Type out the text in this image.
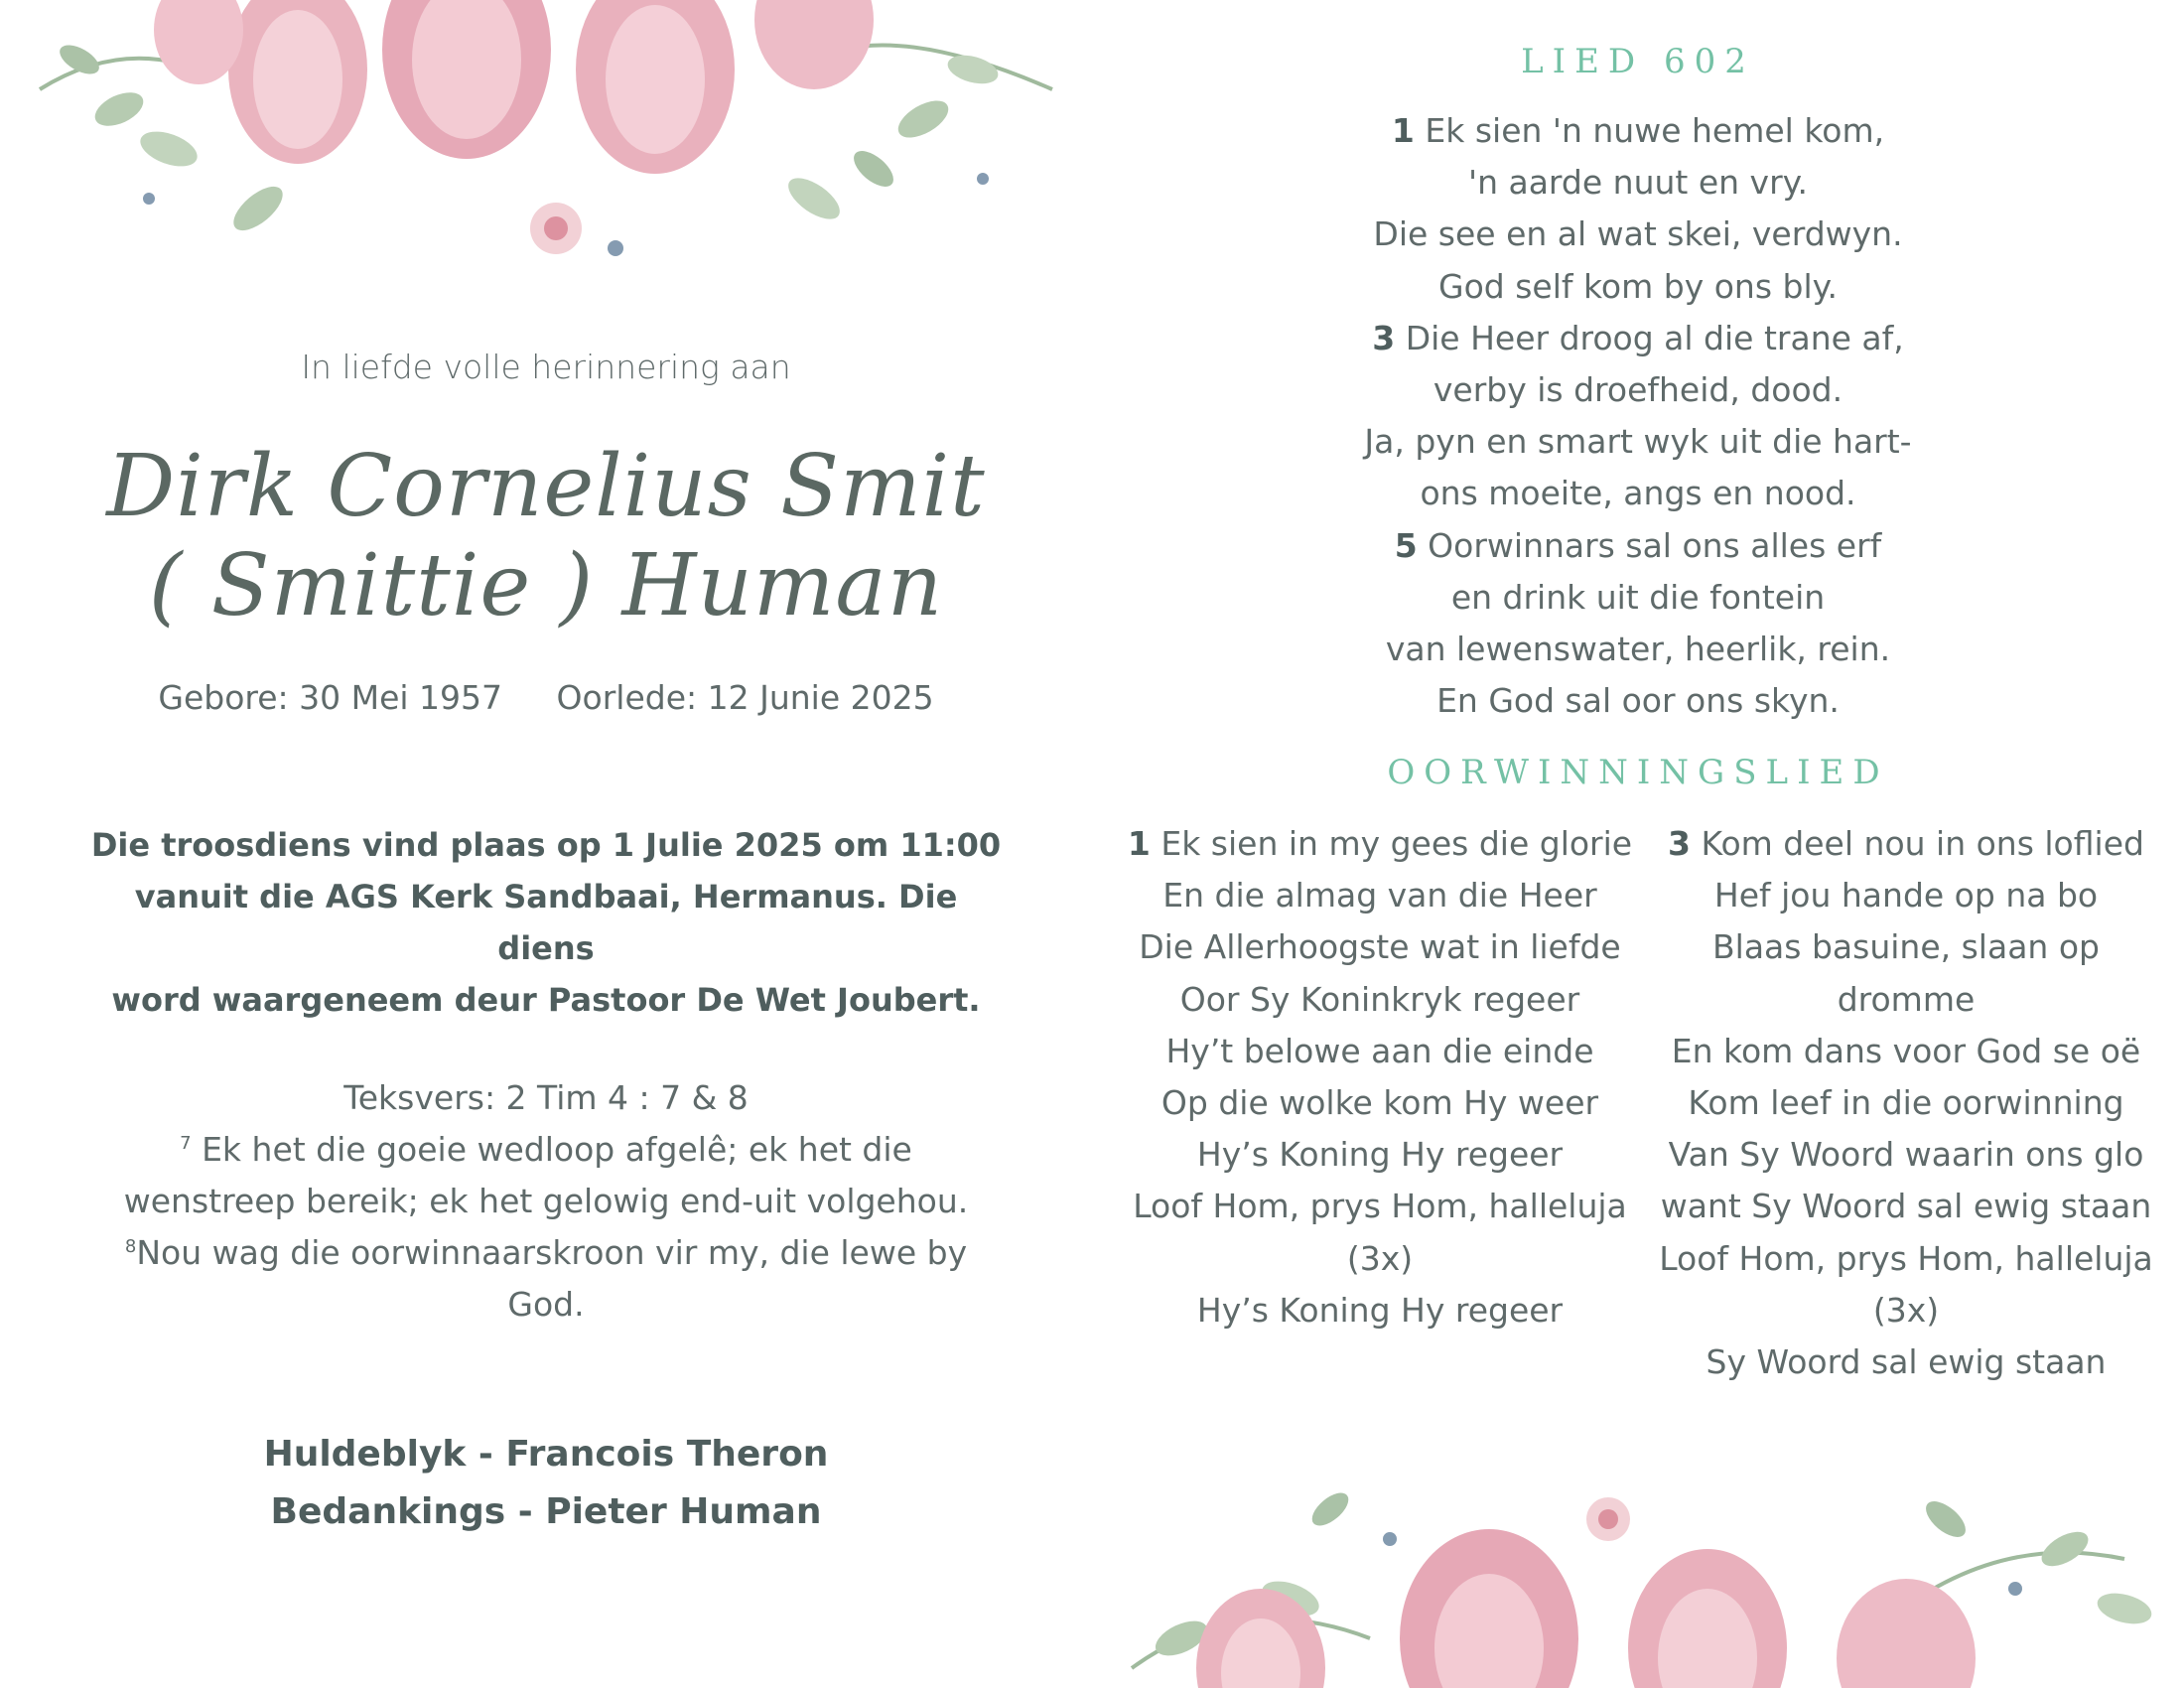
In liefde volle herinnering aan
Dirk Cornelius Smit
( Smittie ) Human
Gebore: 30 Mei 1957 Oorlede: 12 Junie 2025
Die troosdiens vind plaas op 1 Julie 2025 om 11:00
vanuit die AGS Kerk Sandbaai, Hermanus. Die diens
word waargeneem deur Pastoor De Wet Joubert.
Teksvers: 2 Tim 4 : 7 & 8
$^7$ Ek het die goeie wedloop afgelê; ek het die
wenstreep bereik; ek het gelowig end-uit volgehou.
$^8$Nou wag die oorwinnaarskroon vir my, die lewe by
God.
Huldeblyk - Francois Theron
Bedankings - Pieter Human
LIED 602
1 Ek sien 'n nuwe hemel kom,
'n aarde nuut en vry.
Die see en al wat skei, verdwyn.
God self kom by ons bly.
3 Die Heer droog al die trane af,
verby is droefheid, dood.
Ja, pyn en smart wyk uit die hart-
ons moeite, angs en nood.
5 Oorwinnars sal ons alles erf
en drink uit die fontein
van lewenswater, heerlik, rein.
En God sal oor ons skyn.
OORWINNINGSLIED
1 Ek sien in my gees die glorie
En die almag van die Heer
Die Allerhoogste wat in liefde
Oor Sy Koninkryk regeer
Hy’t belowe aan die einde
Op die wolke kom Hy weer
Hy’s Koning Hy regeer
Loof Hom, prys Hom, halleluja
(3x)
Hy’s Koning Hy regeer
3 Kom deel nou in ons loflied
Hef jou hande op na bo
Blaas basuine, slaan op
dromme
En kom dans voor God se oë
Kom leef in die oorwinning
Van Sy Woord waarin ons glo
want Sy Woord sal ewig staan
Loof Hom, prys Hom, halleluja
(3x)
Sy Woord sal ewig staan
